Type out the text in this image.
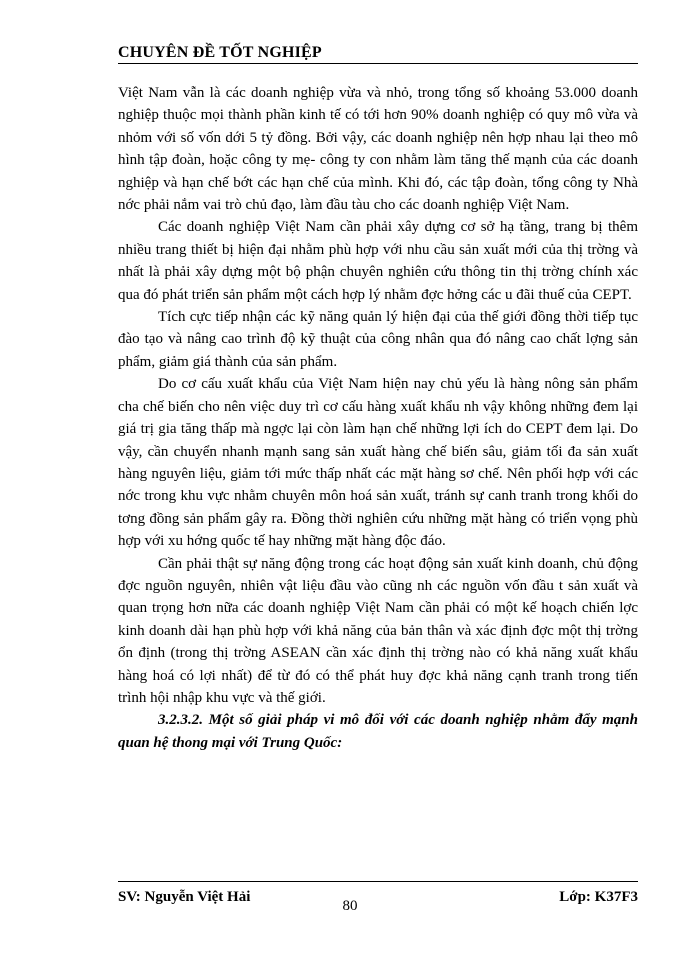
CHUYÊN ĐỀ TỐT NGHIỆP

Việt Nam vẫn là các doanh nghiệp vừa và nhỏ, trong tổng số khoảng 53.000 doanh nghiệp thuộc mọi thành phần kinh tế có tới hơn 90% doanh nghiệp có quy mô vừa và nhỏm với số vốn dới 5 tỷ đồng. Bởi vậy, các doanh nghiệp nên hợp nhau lại theo mô hình tập đoàn, hoặc công ty mẹ- công ty con nhằm làm tăng thế mạnh của các doanh nghiệp và hạn chế bớt các hạn chế của mình. Khi đó, các tập đoàn, tổng công ty Nhà nớc phải nắm vai trò chủ đạo, làm đầu tàu cho các doanh nghiệp Việt Nam.

Các doanh nghiệp Việt Nam cần phải xây dựng cơ sở hạ tầng, trang bị thêm nhiều trang thiết bị hiện đại nhằm phù hợp với nhu cầu sản xuất mới của thị trờng và nhất là phải xây dựng một bộ phận chuyên nghiên cứu thông tin thị trờng chính xác qua đó phát triển sản phẩm một cách hợp lý nhằm đợc hởng các u đãi thuế của CEPT.

Tích cực tiếp nhận các kỹ năng quản lý hiện đại của thế giới đồng thời tiếp tục đào tạo và nâng cao trình độ kỹ thuật của công nhân qua đó nâng cao chất lợng sản phẩm, giảm giá thành của sản phẩm.

Do cơ cấu xuất khẩu của Việt Nam hiện nay chủ yếu là hàng nông sản phẩm cha chế biến cho nên việc duy trì cơ cấu hàng xuất khẩu nh vậy không những đem lại giá trị gia tăng thấp mà ngợc lại còn làm hạn chế những lợi ích do CEPT đem lại. Do vậy, cần chuyển nhanh mạnh sang sản xuất hàng chế biến sâu, giảm tối đa sản xuất hàng nguyên liệu, giảm tới mức thấp nhất các mặt hàng sơ chế. Nên phối hợp với các nớc trong khu vực nhằm chuyên môn hoá sản xuất, tránh sự canh tranh trong khối do tơng đồng sản phẩm gây ra. Đồng thời nghiên cứu những mặt hàng có triển vọng phù hợp với xu hớng quốc tế hay những mặt hàng độc đáo.

Cần phải thật sự năng động trong các hoạt động sản xuất kinh doanh, chủ động đợc nguồn nguyên, nhiên vật liệu đầu vào cũng nh các nguồn vốn đầu t sản xuất và quan trọng hơn nữa các doanh nghiệp Việt Nam cần phải có một kế hoạch chiến lợc kinh doanh dài hạn phù hợp với khả năng của bản thân và xác định đợc một thị trờng ổn định (trong thị trờng ASEAN cần xác định thị trờng nào có khả năng xuất khẩu hàng hoá có lợi nhất) để từ đó có thể phát huy đợc khả năng cạnh tranh trong tiến trình hội nhập khu vực và thế giới.

3.2.3.2. Một số giải pháp vi mô đối với các doanh nghiệp nhằm đẩy mạnh quan hệ thong mại với Trung Quốc:

SV: Nguyễn Việt Hải
80
Lớp: K37F3
